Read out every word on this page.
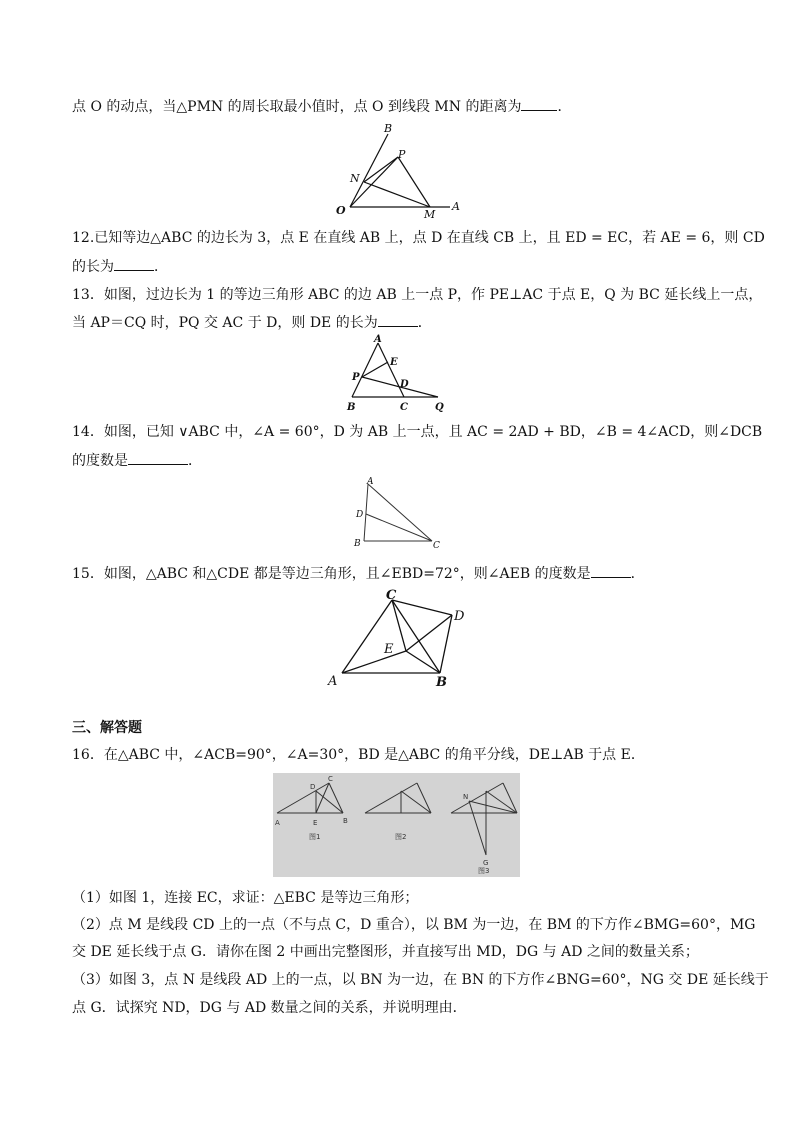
点 O 的动点，当△PMN 的周长取最小值时，点 O 到线段 MN 的距离为	．
B
P
N
O	M
A
12.已知等边△ABC 的边长为 3，点 E 在直线 AB 上，点 D 在直线 CB 上，且 ED = EC，若 AE = 6，则 CD
的长为	．
13．如图，过边长为 1 的等边三角形 ABC 的边 AB 上一点 P，作 PE⊥AC 于点 E，Q 为 BC 延长线上一点，
当 AP＝CQ 时，PQ 交 AC 于 D，则 DE 的长为	．
A
E
P
D
B	C	Q
14．如图，已知 ∨ABC 中，∠A = 60°，D 为 AB 上一点，且 AC = 2AD + BD，∠B = 4∠ACD，则∠DCB
的度数是	．
A
D
B	C
15．如图，△ABC 和△CDE 都是等边三角形，且∠EBD=72°，则∠AEB 的度数是	．
C
D
E
A	B
三、解答题
16．在△ABC 中，∠ACB=90°，∠A=30°，BD 是△ABC 的角平分线，DE⊥AB 于点 E．
A	E	B
D
C
图1	图2
N
G
图3
（1）如图 1，连接 EC，求证：△EBC 是等边三角形；
（2）点 M 是线段 CD 上的一点（不与点 C，D 重合），以 BM 为一边，在 BM 的下方作∠BMG=60°，MG
交 DE 延长线于点 G．请你在图 2 中画出完整图形，并直接写出 MD，DG 与 AD 之间的数量关系；
（3）如图 3，点 N 是线段 AD 上的一点，以 BN 为一边，在 BN 的下方作∠BNG=60°，NG 交 DE 延长线于
点 G．试探究 ND，DG 与 AD 数量之间的关系，并说明理由．
